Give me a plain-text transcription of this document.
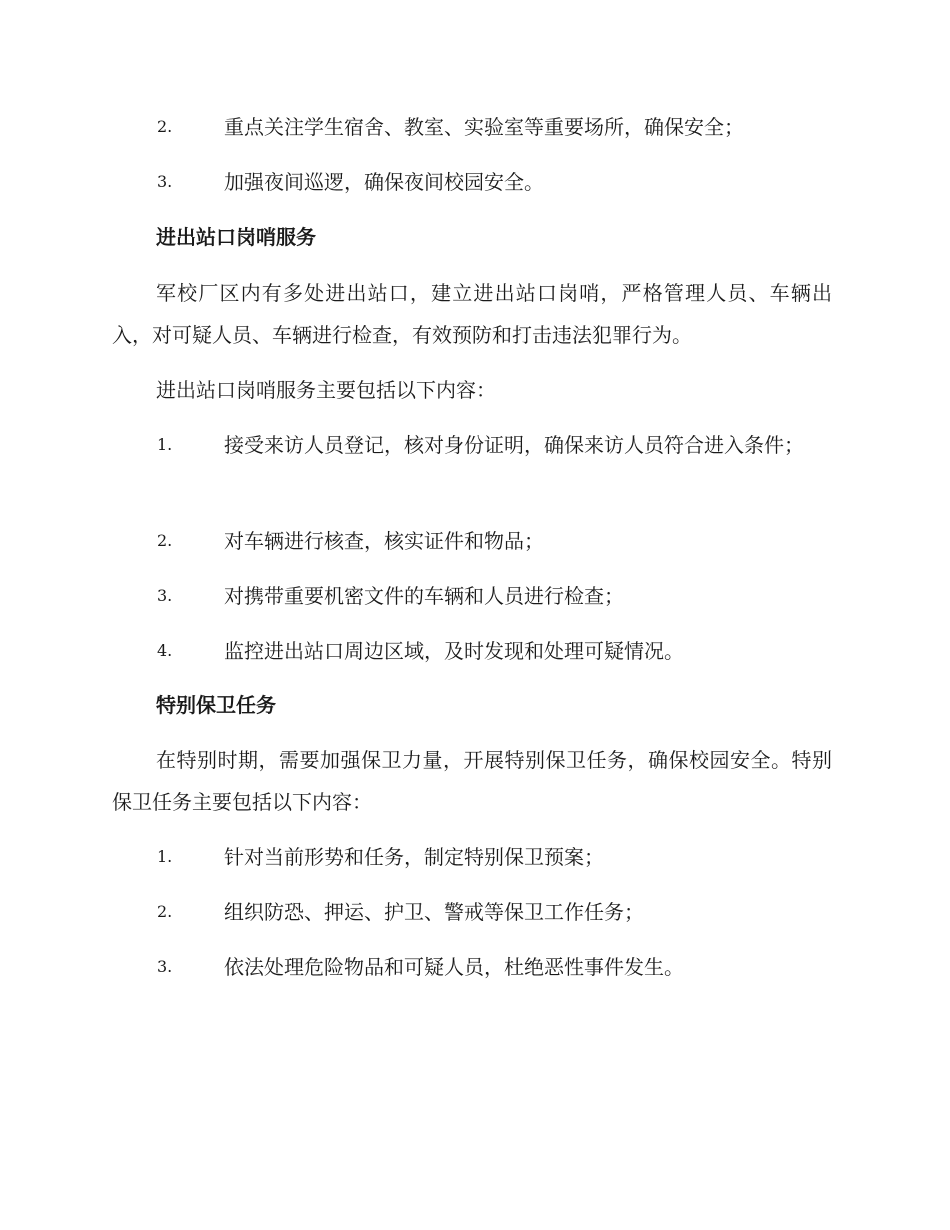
2.	重点关注学生宿舍、教室、实验室等重要场所，确保安全；
3.	加强夜间巡逻，确保夜间校园安全。
进出站口岗哨服务
军校厂区内有多处进出站口，建立进出站口岗哨，严格管理人员、车辆出入，对可疑人员、车辆进行检查，有效预防和打击违法犯罪行为。
进出站口岗哨服务主要包括以下内容：
1.	接受来访人员登记，核对身份证明，确保来访人员符合进入条件；
2.	对车辆进行核查，核实证件和物品；
3.	对携带重要机密文件的车辆和人员进行检查；
4.	监控进出站口周边区域，及时发现和处理可疑情况。
特别保卫任务
在特别时期，需要加强保卫力量，开展特别保卫任务，确保校园安全。特别保卫任务主要包括以下内容：
1.	针对当前形势和任务，制定特别保卫预案；
2.	组织防恐、押运、护卫、警戒等保卫工作任务；
3.	依法处理危险物品和可疑人员，杜绝恶性事件发生。
